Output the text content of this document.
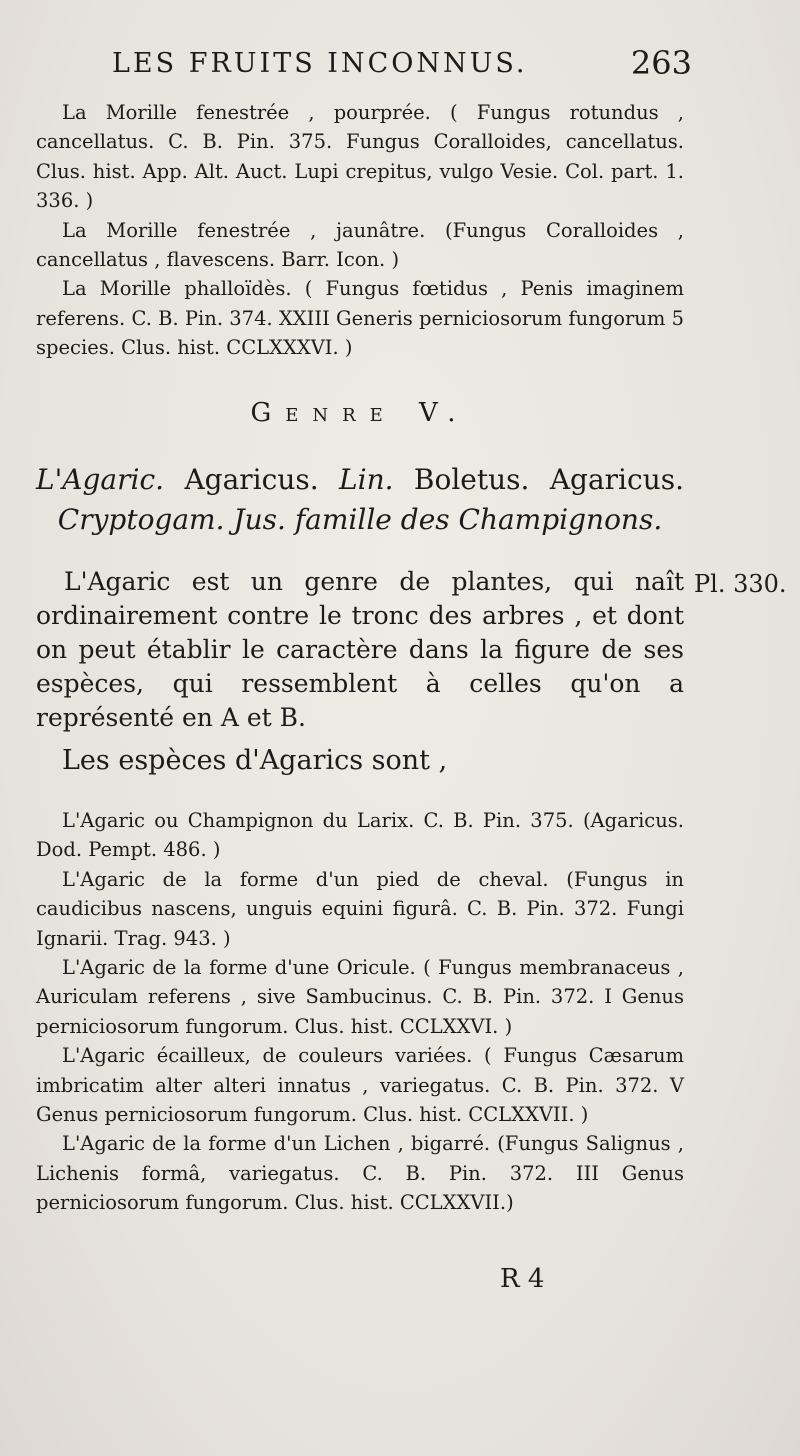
LES FRUITS INCONNUS.	263

La Morille fenestrée , pourprée. ( Fungus rotundus , cancellatus. C. B. Pin. 375. Fungus Coralloides, cancellatus. Clus. hist. App. Alt. Auct. Lupi crepitus, vulgo Vesie. Col. part. 1. 336. )

La Morille fenestrée , jaunâtre. (Fungus Coralloides , cancellatus , flavescens. Barr. Icon. )

La Morille phalloïdès. ( Fungus fœtidus , Penis imaginem referens. C. B. Pin. 374. XXIII Generis perniciosorum fungorum 5 species. Clus. hist. CCLXXXVI. )

Genre V.
L'Agaric. Agaricus. Lin. Boletus. Agaricus.
Cryptogam. Jus. famille des Champignons.

L'Agaric est un genre de plantes, qui naît ordinairement contre le tronc des arbres , et dont on peut établir le caractère dans la figure de ses espèces, qui ressemblent à celles qu'on a représenté en A et B.

Pl. 330.
Les espèces d'Agarics sont ,

L'Agaric ou Champignon du Larix. C. B. Pin. 375. (Agaricus. Dod. Pempt. 486. )

L'Agaric de la forme d'un pied de cheval. (Fungus in caudicibus nascens, unguis equini figurâ. C. B. Pin. 372. Fungi Ignarii. Trag. 943. )

L'Agaric de la forme d'une Oricule. ( Fungus membranaceus , Auriculam referens , sive Sambucinus. C. B. Pin. 372. I Genus perniciosorum fungorum. Clus. hist. CCLXXVI. )

L'Agaric écailleux, de couleurs variées. ( Fungus Cæsarum imbricatim alter alteri innatus , variegatus. C. B. Pin. 372. V Genus perniciosorum fungorum. Clus. hist. CCLXXVII. )

L'Agaric de la forme d'un Lichen , bigarré. (Fungus Salignus , Lichenis formâ, variegatus. C. B. Pin. 372. III Genus perniciosorum fungorum. Clus. hist. CCLXXVII.)

R 4
